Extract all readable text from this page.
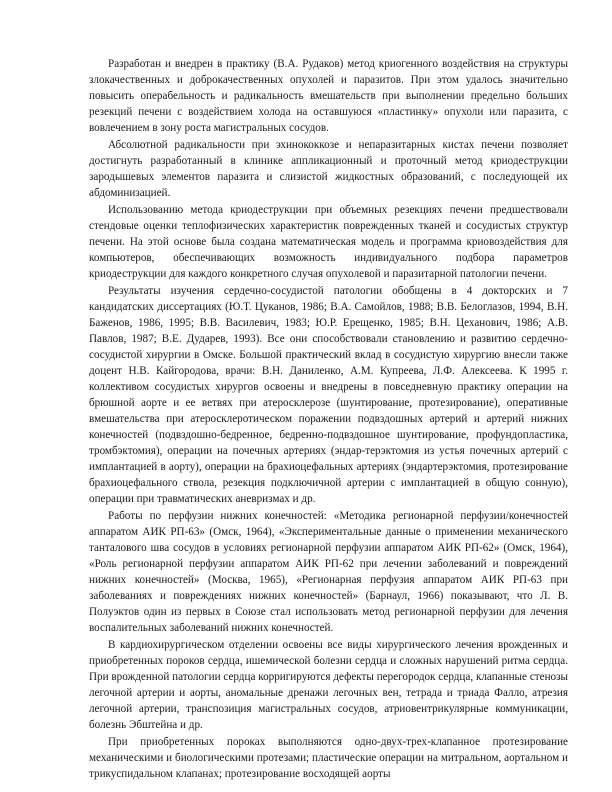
Разработан и внедрен в практику (В.А. Рудаков) метод криогенного воздействия на структуры злокачественных и доброкачественных опухолей и паразитов. При этом удалось значительно повысить операбельность и радикальность вмешательств при выполнении предельно больших резекций печени с воздействием холода на оставшуюся «пластинку» опухоли или паразита, с вовлечением в зону роста магистральных сосудов.

Абсолютной радикальности при эхинококкозе и непаразитарных кистах печени позволяет достигнуть разработанный в клинике аппликационный и проточный метод криодеструкции зародышевых элементов паразита и слизистой жидкостных образований, с последующей их абдоминизацией.

Использованию метода криодеструкции при объемных резекциях печени предшествовали стендовые оценки теплофизических характеристик поврежденных тканей и сосудистых структур печени. На этой основе была создана математическая модель и программа криовоздействия для компьютеров, обеспечивающих возможность индивидуального подбора параметров криодеструкции для каждого конкретного случая опухолевой и паразитарной патологии печени.

Результаты изучения сердечно-сосудистой патологии обобщены в 4 докторских и 7 кандидатских диссертациях (Ю.Т. Цуканов, 1986; В.А. Самойлов, 1988; В.В. Белоглазов, 1994, В.Н. Баженов, 1986, 1995; В.В. Василевич, 1983; Ю.Р. Ерещенко, 1985; В.Н. Цеханович, 1986; А.В. Павлов, 1987; В.Е. Дударев, 1993). Все они способствовали становлению и развитию сердечно-сосудистой хирургии в Омске. Большой практический вклад в сосудистую хирургию внесли также доцент Н.В. Кайгородова, врачи: В.Н. Даниленко, А.М. Купреева, Л.Ф. Алексеева. К 1995 г. коллективом сосудистых хирургов освоены и внедрены в повседневную практику операции на брюшной аорте и ее ветвях при атеросклерозе (шунтирование, протезирование), оперативные вмешательства при атеросклеротическом поражении подвздошных артерий и артерий нижних конечностей (подвздошно-бедренное, бедренно-подвздошное шунтирование, профундопластика, тромбэктомия), операции на почечных артериях (эндар-терэктомия из устья почечных артерий с имплантацией в аорту), операции на брахиоцефальных артериях (эндартерэктомия, протезирование брахиоцефального ствола, резекция подключичной артерии с имплантацией в общую сонную), операции при травматических аневризмах и др.

Работы по перфузии нижних конечностей: «Методика регионарной перфузии/конечностей аппаратом АИК РП-63» (Омск, 1964), «Экспериментальные данные о применении механического танталового шва сосудов в условиях регионарной перфузии аппаратом АИК РП-62» (Омск, 1964), «Роль регионарной перфузии аппаратом АИК РП-62 при лечении заболеваний и повреждений нижних конечностей» (Москва, 1965), «Регионарная перфузия аппаратом АИК РП-63 при заболеваниях и повреждениях нижних конечностей» (Барнаул, 1966) показывают, что Л. В. Полуэктов один из первых в Союзе стал использовать метод регионарной перфузии для лечения воспалительных заболеваний нижних конечностей.

В кардиохирургическом отделении освоены все виды хирургического лечения врожденных и приобретенных пороков сердца, ишемической болезни сердца и сложных нарушений ритма сердца. При врожденной патологии сердца корригируются дефекты перегородок сердца, клапанные стенозы легочной артерии и аорты, аномальные дренажи легочных вен, тетрада и триада Фалло, атрезия легочной артерии, транспозиция магистральных сосудов, атриовентрикулярные коммуникации, болезнь Эбштейна и др.

При приобретенных пороках выполняются одно-двух-трех-клапанное протезирование механическими и биологическими протезами; пластические операции на митральном, аортальном и трикуспидальном клапанах; протезирование восходящей аорты
